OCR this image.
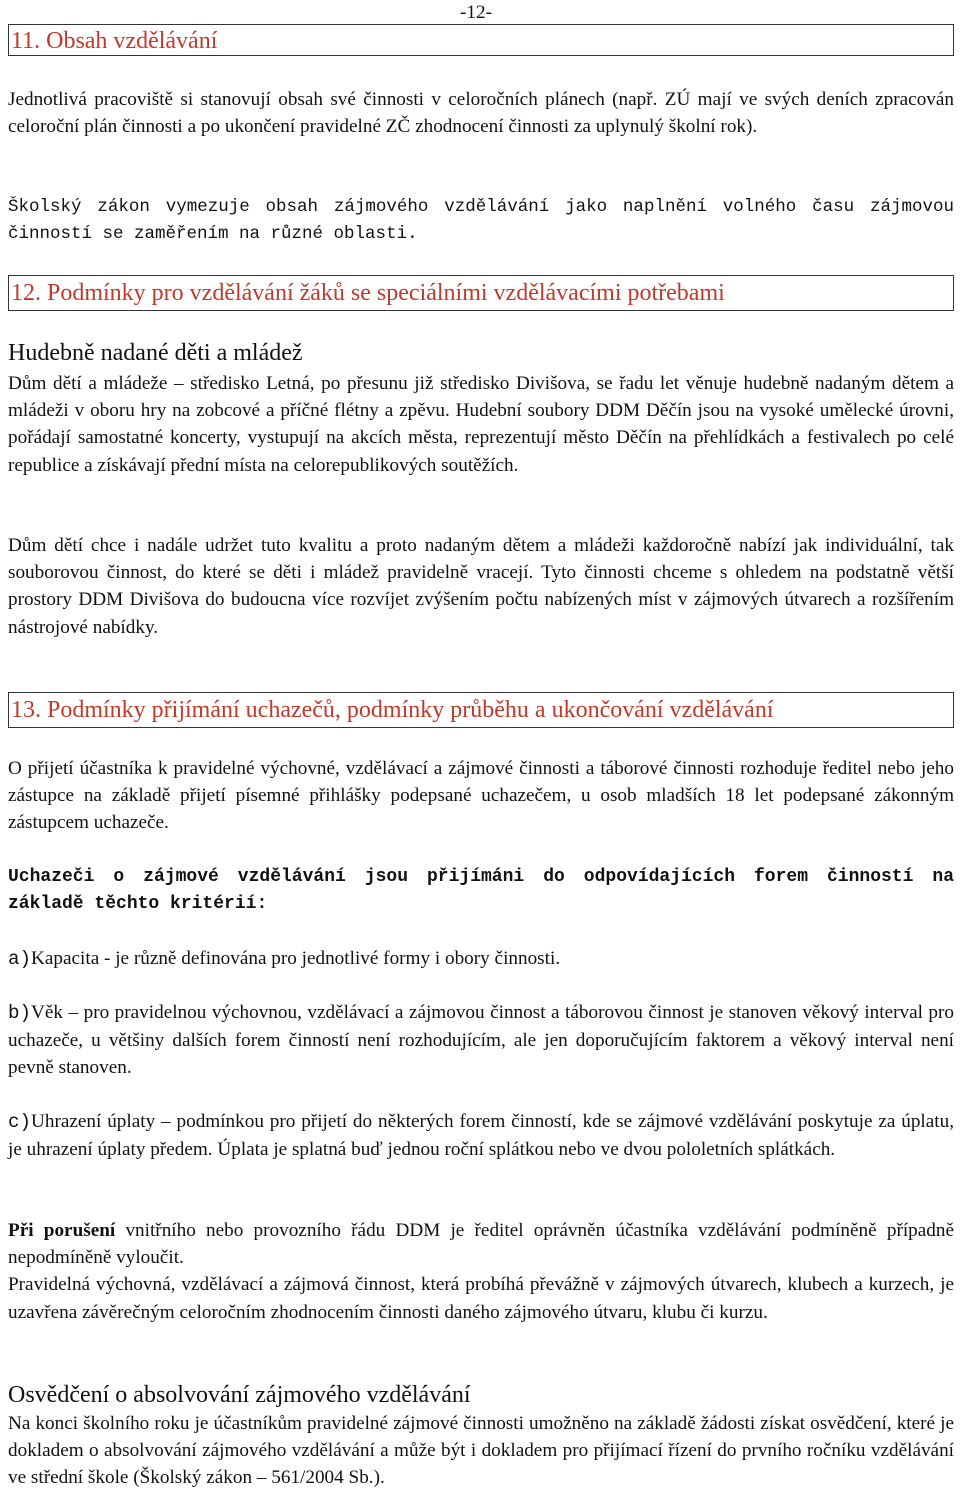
-12-
11. Obsah vzdělávání

Jednotlivá pracoviště si stanovují obsah své činnosti v celoročních plánech (např. ZÚ mají ve svých deních zpracován celoroční plán činnosti a po ukončení pravidelné ZČ zhodnocení činnosti za uplynulý školní rok).

Školský zákon vymezuje obsah zájmového vzdělávání jako naplnění volného času zájmovou činností se zaměřením na různé oblasti.

12. Podmínky pro vzdělávání žáků se speciálními vzdělávacími potřebami
Hudebně nadané děti a mládež

Dům dětí a mládeže – středisko Letná, po přesunu již středisko Divišova, se řadu let věnuje hudebně nadaným dětem a mládeži v oboru hry na zobcové a příčné flétny a zpěvu. Hudební soubory DDM Děčín jsou na vysoké umělecké úrovni, pořádají samostatné koncerty, vystupují na akcích města, reprezentují město Děčín na přehlídkách a festivalech po celé republice a získávají přední místa na celorepublikových soutěžích.

Dům dětí chce i nadále udržet tuto kvalitu a proto nadaným dětem a mládeži každoročně nabízí jak individuální, tak souborovou činnost, do které se děti i mládež pravidelně vracejí. Tyto činnosti chceme s ohledem na podstatně větší prostory DDM Divišova do budoucna více rozvíjet zvýšením počtu nabízených míst v zájmových útvarech a rozšířením nástrojové nabídky.

13. Podmínky přijímání uchazečů, podmínky průběhu a ukončování vzdělávání

O přijetí účastníka k pravidelné výchovné, vzdělávací a zájmové činnosti a táborové činnosti rozhoduje ředitel nebo jeho zástupce na základě přijetí písemné přihlášky podepsané uchazečem, u osob mladších 18 let podepsané zákonným zástupcem uchazeče.

Uchazeči o zájmové vzdělávání jsou přijímáni do odpovídajících forem činností na základě těchto kritérií:

a)Kapacita - je různě definována pro jednotlivé formy i obory činnosti.

b)Věk – pro pravidelnou výchovnou, vzdělávací a zájmovou činnost a táborovou činnost je stanoven věkový interval pro uchazeče, u většiny dalších forem činností není rozhodujícím, ale jen doporučujícím faktorem a věkový interval není pevně stanoven.

c)Uhrazení úplaty – podmínkou pro přijetí do některých forem činností, kde se zájmové vzdělávání poskytuje za úplatu, je uhrazení úplaty předem. Úplata je splatná buď jednou roční splátkou nebo ve dvou pololetních splátkách.

Při porušení vnitřního nebo provozního řádu DDM je ředitel oprávněn účastníka vzdělávání podmíněně případně nepodmíněně vyloučit.

Pravidelná výchovná, vzdělávací a zájmová činnost, která probíhá převážně v zájmových útvarech, klubech a kurzech, je uzavřena závěrečným celoročním zhodnocením činnosti daného zájmového útvaru, klubu či kurzu.

Osvědčení o absolvování zájmového vzdělávání

Na konci školního roku je účastníkům pravidelné zájmové činnosti umožněno na základě žádosti získat osvědčení, které je dokladem o absolvování zájmového vzdělávání a může být i dokladem pro přijímací řízení do prvního ročníku vzdělávání ve střední škole (Školský zákon – 561/2004 Sb.).
